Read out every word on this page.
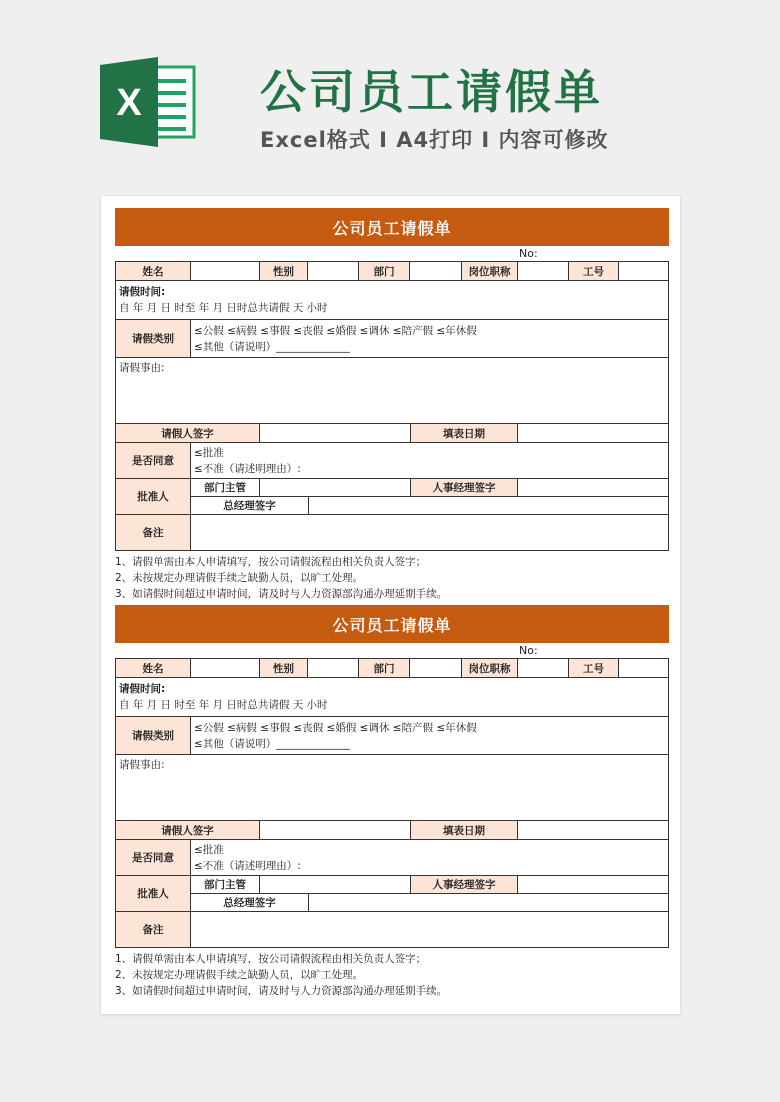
X	公司员工请假单
Excel格式 I A4打印 I 内容可修改
公司员工请假单
No:
姓名	性别	部门	岗位职称	工号
请假时间:
自 年 月 日 时至 年 月 日时总共请假 天 小时
请假类别
≤公假 ≤病假 ≤事假 ≤丧假 ≤婚假 ≤调休 ≤陪产假 ≤年休假
≤其他（请说明）______________
请假事由:
请假人签字	填表日期
是否同意
≤批准
≤不准（请述明理由）:
批准人
部门主管	人事经理签字
总经理签字
备注
1、请假单需由本人申请填写，按公司请假流程由相关负责人签字；
2、未按规定办理请假手续之缺勤人员，以旷工处理。
3、如请假时间超过申请时间，请及时与人力资源部沟通办理延期手续。
公司员工请假单
No:
姓名	性别	部门	岗位职称	工号
请假时间:
自 年 月 日 时至 年 月 日时总共请假 天 小时
请假类别
≤公假 ≤病假 ≤事假 ≤丧假 ≤婚假 ≤调休 ≤陪产假 ≤年休假
≤其他（请说明）______________
请假事由:
请假人签字	填表日期
是否同意
≤批准
≤不准（请述明理由）:
批准人
部门主管	人事经理签字
总经理签字
备注
1、请假单需由本人申请填写，按公司请假流程由相关负责人签字；
2、未按规定办理请假手续之缺勤人员，以旷工处理。
3、如请假时间超过申请时间，请及时与人力资源部沟通办理延期手续。
